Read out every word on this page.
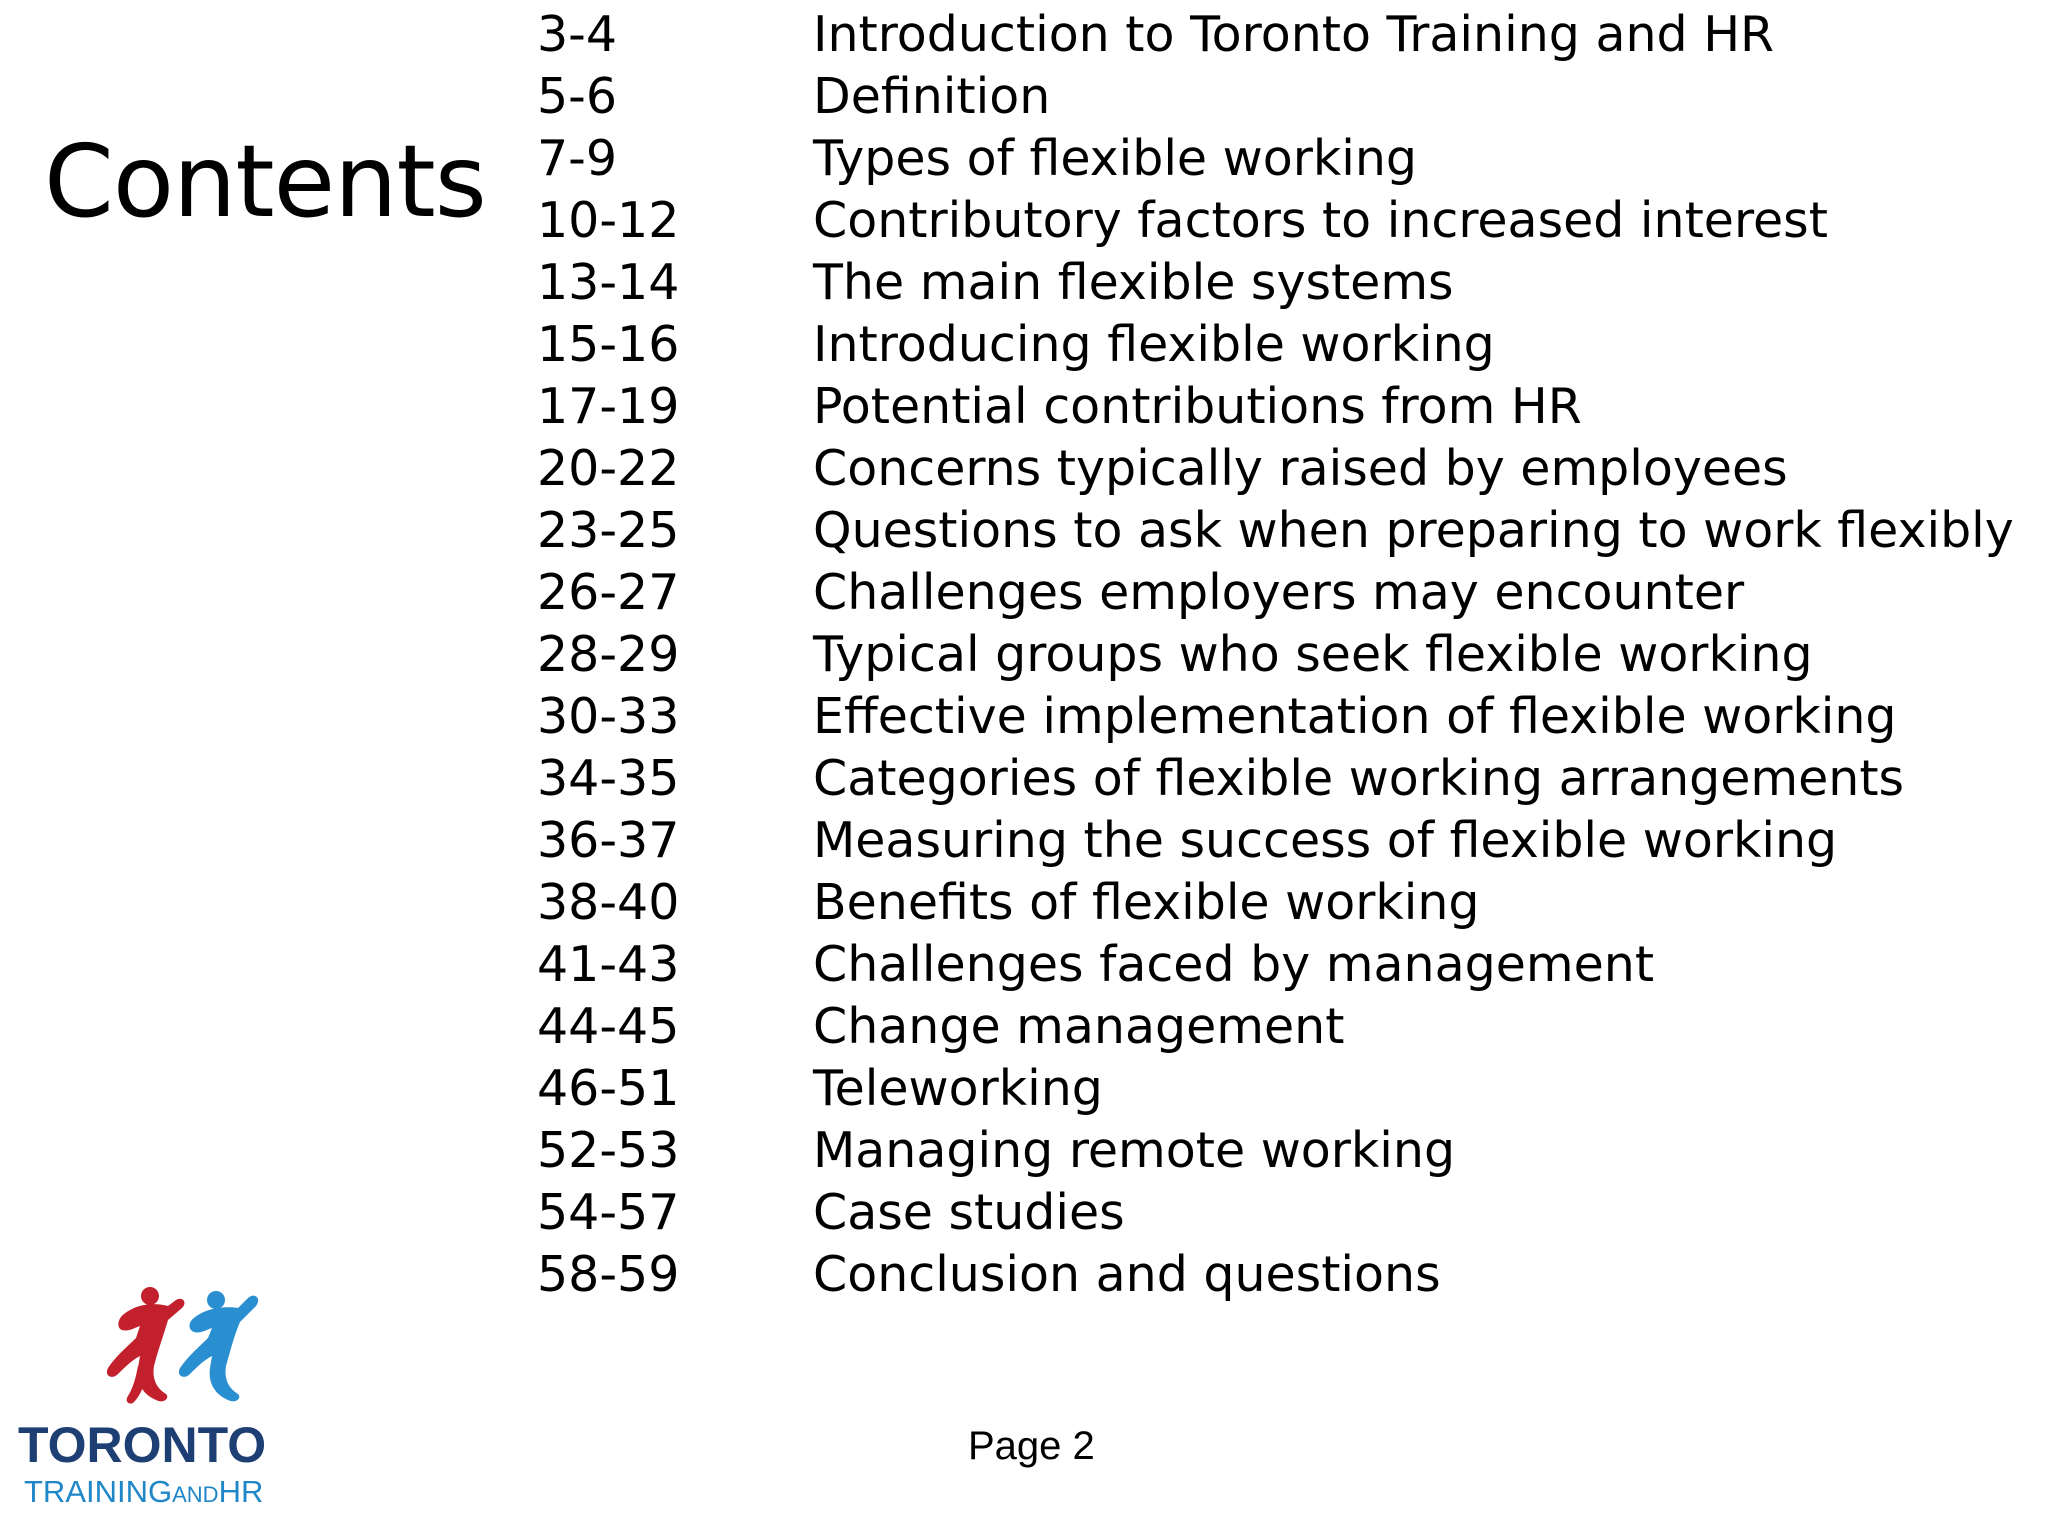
Contents
3-4	Introduction to Toronto Training and HR
5-6	Definition
7-9	Types of flexible working
10-12	Contributory factors to increased interest
13-14	The main flexible systems
15-16	Introducing flexible working
17-19	Potential contributions from HR
20-22	Concerns typically raised by employees
23-25	Questions to ask when preparing to work flexibly
26-27	Challenges employers may encounter
28-29	Typical groups who seek flexible working
30-33	Effective implementation of flexible working
34-35	Categories of flexible working arrangements
36-37	Measuring the success of flexible working
38-40	Benefits of flexible working
41-43	Challenges faced by management
44-45	Change management
46-51	Teleworking
52-53	Managing remote working
54-57	Case studies
58-59	Conclusion and questions
Page 2
TORONTO
TRAININGANDHR
